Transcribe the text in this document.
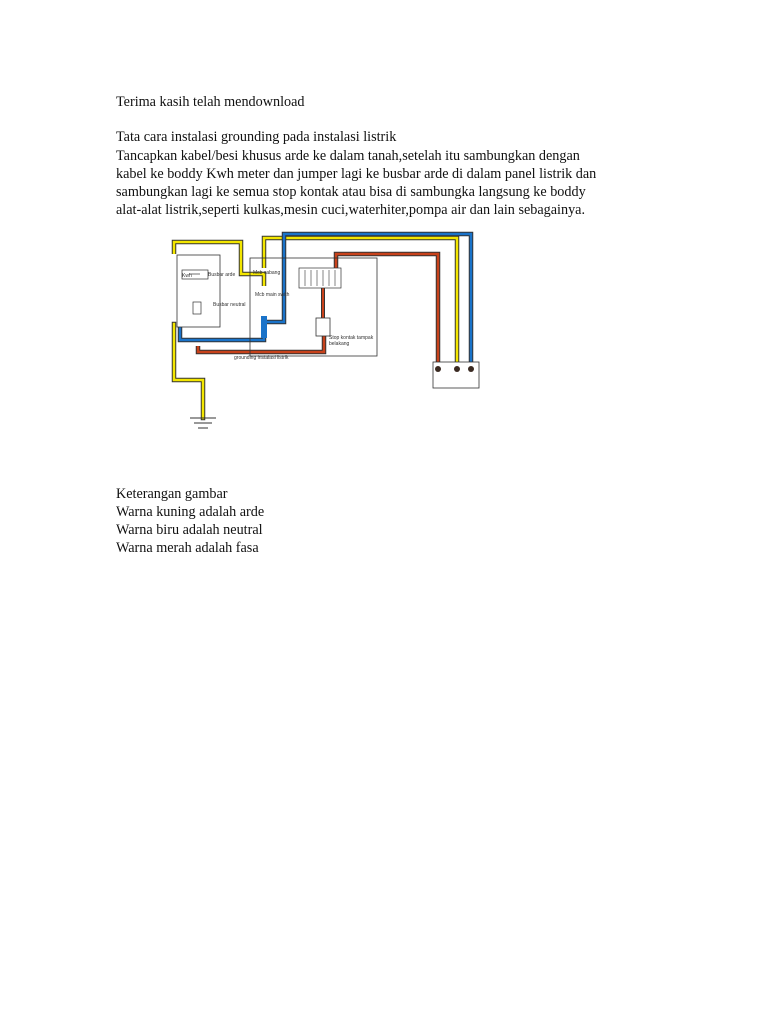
Terima kasih telah mendownload
Tata cara instalasi grounding pada instalasi listrik
Tancapkan kabel/besi khusus arde ke dalam tanah,setelah itu sambungkan dengan
kabel ke boddy Kwh meter dan jumper lagi ke busbar arde di dalam panel listrik dan
sambungkan lagi ke semua stop kontak atau bisa di sambungka langsung ke boddy
alat-alat listrik,seperti kulkas,mesin cuci,waterhiter,pompa air dan lain sebagainya.
Kwh	Busbar arde	Mcb cabang
Mcb main swith
Busbar neutral
Stop kontak tampak
belakang
grounding instalasi listrik
Keterangan gambar
Warna kuning adalah arde
Warna biru adalah neutral
Warna merah adalah fasa
